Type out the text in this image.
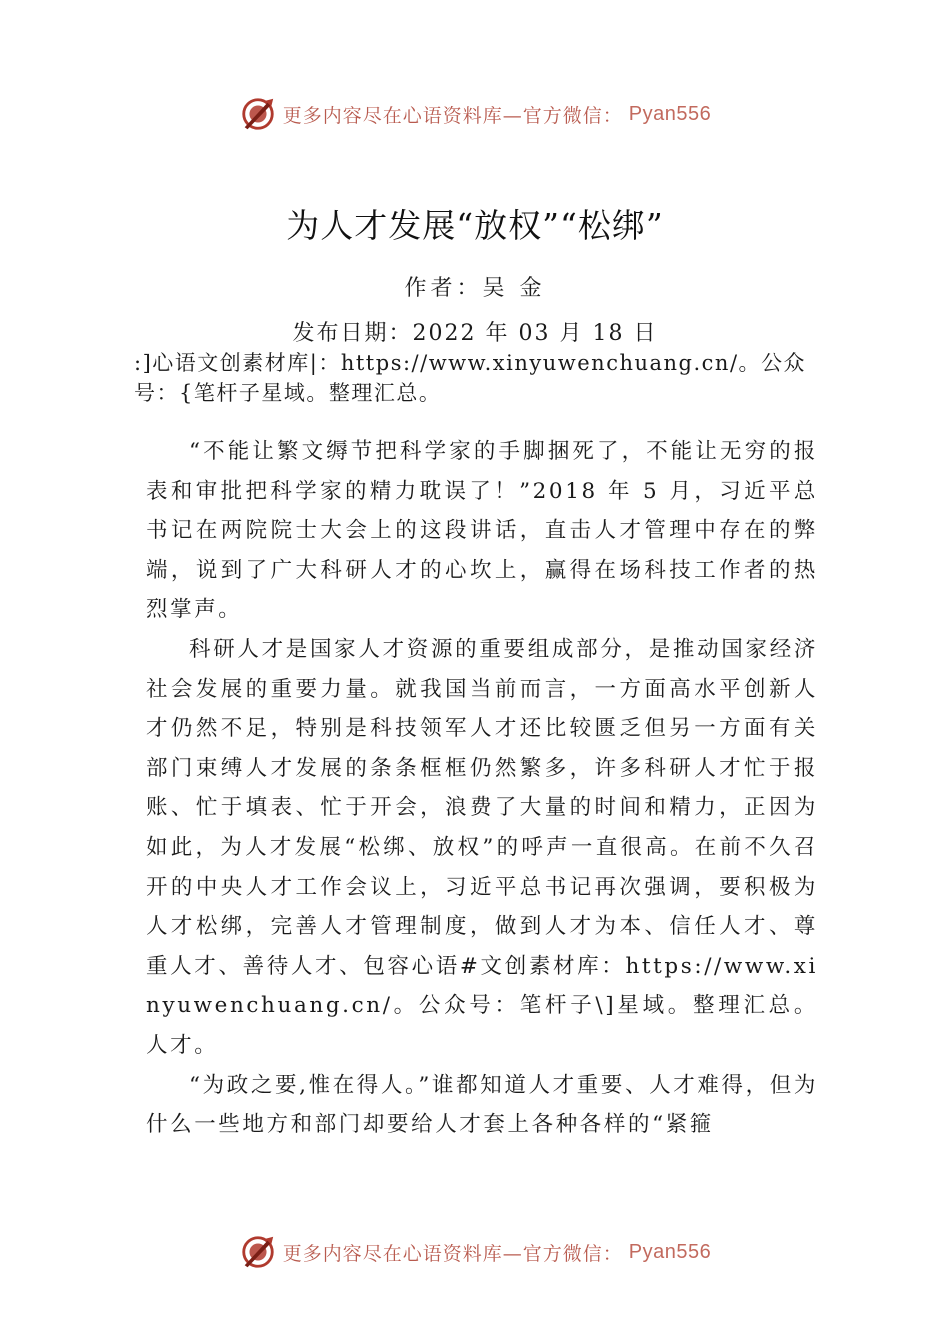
更多内容尽在心语资料库—官方微信： Pyan556
为人才发展“放权”“松绑”
作者：吴 金
发布日期：2022 年 03 月 18 日
:]心语文创素材库|：https://www.xinyuwenchuang.cn/。公众号：{笔杆子星域。整理汇总。

“不能让繁文缛节把科学家的手脚捆死了，不能让无穷的报表和审批把科学家的精力耽误了！”2018 年 5 月，习近平总书记在两院院士大会上的这段讲话，直击人才管理中存在的弊端，说到了广大科研人才的心坎上，赢得在场科技工作者的热烈掌声。

科研人才是国家人才资源的重要组成部分，是推动国家经济社会发展的重要力量。就我国当前而言，一方面高水平创新人才仍然不足，特别是科技领军人才还比较匮乏但另一方面有关部门束缚人才发展的条条框框仍然繁多，许多科研人才忙于报账、忙于填表、忙于开会，浪费了大量的时间和精力，正因为如此，为人才发展“松绑、放权”的呼声一直很高。在前不久召开的中央人才工作会议上，习近平总书记再次强调，要积极为人才松绑，完善人才管理制度，做到人才为本、信任人才、尊重人才、善待人才、包容心语#文创素材库：https://www.xinyuwenchuang.cn/。公众号：笔杆子\]星域。整理汇总。人才。

“为政之要,惟在得人。”谁都知道人才重要、人才难得，但为什么一些地方和部门却要给人才套上各种各样的“紧箍

更多内容尽在心语资料库—官方微信： Pyan556
